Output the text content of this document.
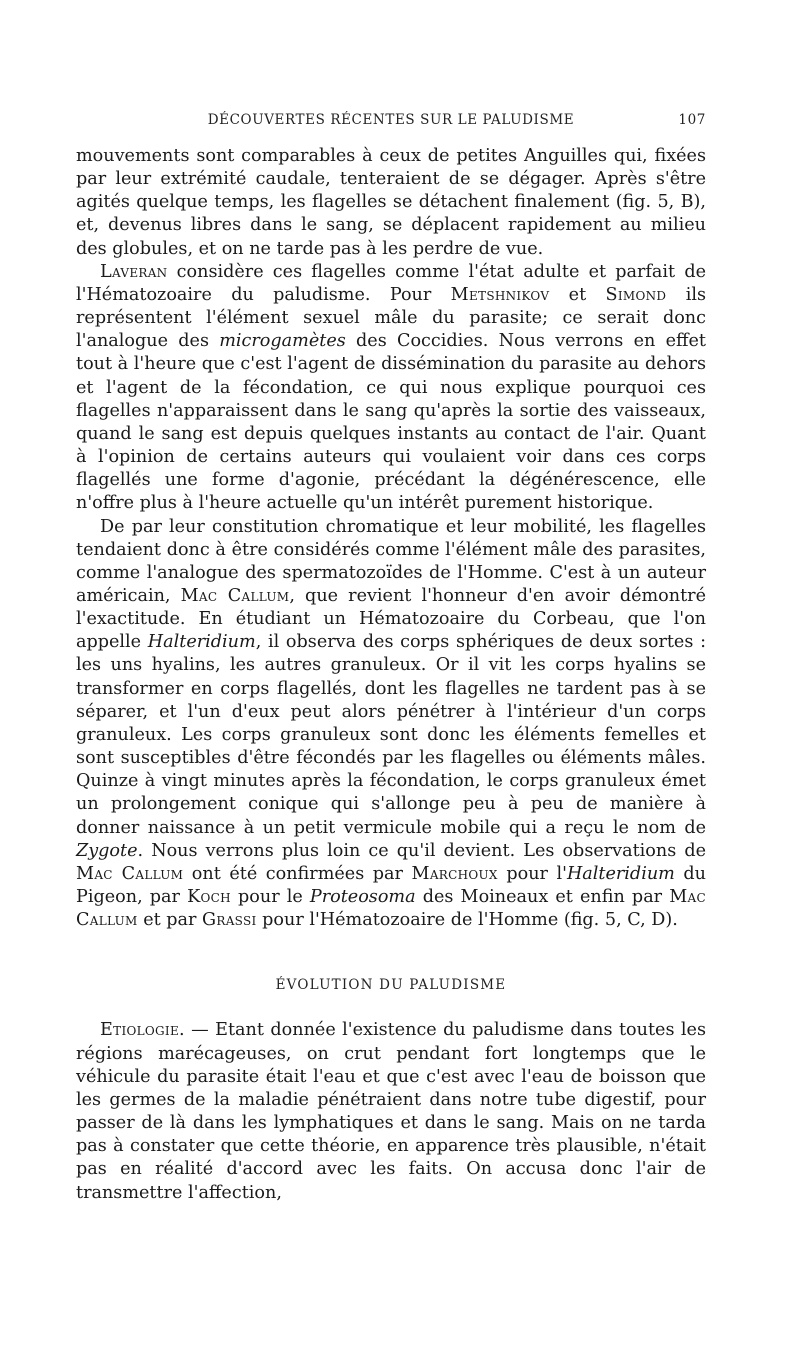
DÉCOUVERTES RÉCENTES SUR LE PALUDISME	107

mouvements sont comparables à ceux de petites Anguilles qui, fixées par leur extrémité caudale, tenteraient de se dégager. Après s'être agités quelque temps, les flagelles se détachent finalement (fig. 5, B), et, devenus libres dans le sang, se déplacent rapidement au milieu des globules, et on ne tarde pas à les perdre de vue.

Laveran considère ces flagelles comme l'état adulte et parfait de l'Hématozoaire du paludisme. Pour Metshnikov et Simond ils représentent l'élément sexuel mâle du parasite; ce serait donc l'analogue des microgamètes des Coccidies. Nous verrons en effet tout à l'heure que c'est l'agent de dissémination du parasite au dehors et l'agent de la fécondation, ce qui nous explique pourquoi ces flagelles n'apparaissent dans le sang qu'après la sortie des vaisseaux, quand le sang est depuis quelques instants au contact de l'air. Quant à l'opinion de certains auteurs qui voulaient voir dans ces corps flagellés une forme d'agonie, précédant la dégénérescence, elle n'offre plus à l'heure actuelle qu'un intérêt purement historique.

De par leur constitution chromatique et leur mobilité, les flagelles tendaient donc à être considérés comme l'élément mâle des parasites, comme l'analogue des spermatozoïdes de l'Homme. C'est à un auteur américain, Mac Callum, que revient l'honneur d'en avoir démontré l'exactitude. En étudiant un Hématozoaire du Corbeau, que l'on appelle Halteridium, il observa des corps sphériques de deux sortes : les uns hyalins, les autres granuleux. Or il vit les corps hyalins se transformer en corps flagellés, dont les flagelles ne tardent pas à se séparer, et l'un d'eux peut alors pénétrer à l'intérieur d'un corps granuleux. Les corps granuleux sont donc les éléments femelles et sont susceptibles d'être fécondés par les flagelles ou éléments mâles. Quinze à vingt minutes après la fécondation, le corps granuleux émet un prolongement conique qui s'allonge peu à peu de manière à donner naissance à un petit vermicule mobile qui a reçu le nom de Zygote. Nous verrons plus loin ce qu'il devient. Les observations de Mac Callum ont été confirmées par Marchoux pour l'Halteridium du Pigeon, par Koch pour le Proteosoma des Moineaux et enfin par Mac Callum et par Grassi pour l'Hématozoaire de l'Homme (fig. 5, C, D).

ÉVOLUTION DU PALUDISME

Etiologie. — Etant donnée l'existence du paludisme dans toutes les régions marécageuses, on crut pendant fort longtemps que le véhicule du parasite était l'eau et que c'est avec l'eau de boisson que les germes de la maladie pénétraient dans notre tube digestif, pour passer de là dans les lymphatiques et dans le sang. Mais on ne tarda pas à constater que cette théorie, en apparence très plausible, n'était pas en réalité d'accord avec les faits. On accusa donc l'air de transmettre l'affection,
